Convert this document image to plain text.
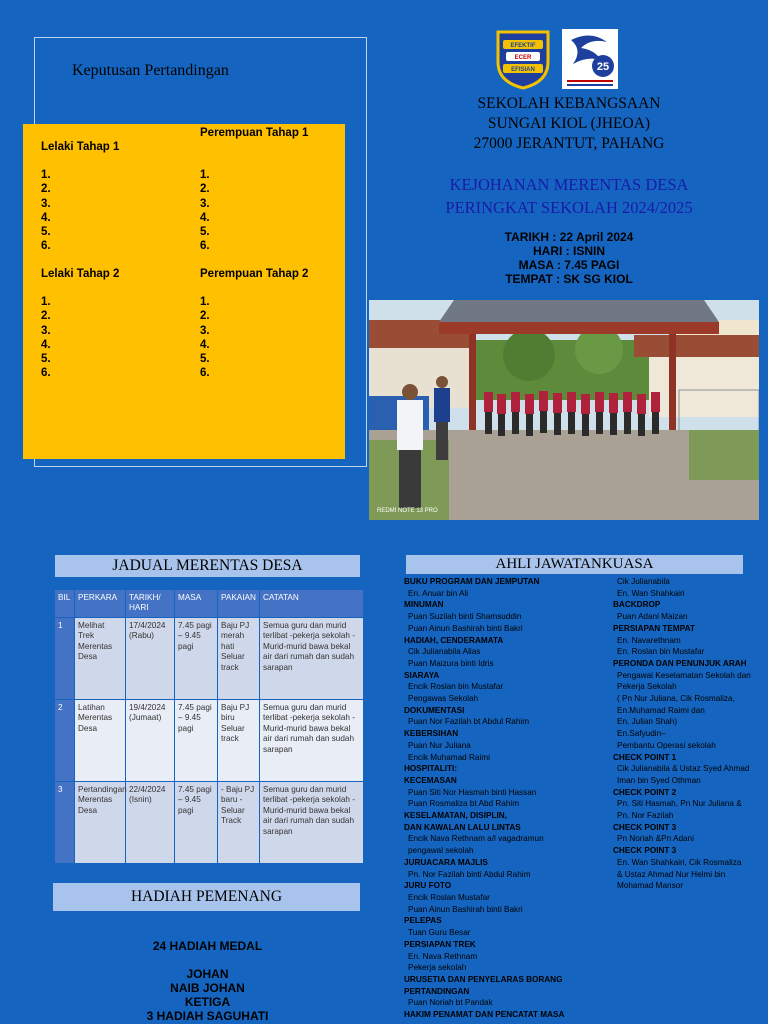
Keputusan Pertandingan
Lelaki Tahap 1
1.
2.
3.
4.
5.
6.
Perempuan Tahap 1
1.
2.
3.
4.
5.
6.
Lelaki Tahap 2
1.
2.
3.
4.
5.
6.
Perempuan Tahap 2
1.
2.
3.
4.
5.
6.
EFEKTIF
ECER
EFISIAN	25
SEKOLAH KEBANGSAAN
SUNGAI KIOL (JHEOA)
27000 JERANTUT, PAHANG
KEJOHANAN MERENTAS DESA
PERINGKAT SEKOLAH 2024/2025
TARIKH : 22 April 2024
HARI : ISNIN
MASA : 7.45 PAGI
TEMPAT : SK SG KIOL
REDMI NOTE 13 PRO
JADUAL MERENTAS DESA
BIL	PERKARA	TARIKH/ HARI	MASA	PAKAIAN	CATATAN
1	Melihat Trek Merentas Desa	17/4/2024 (Rabu)	7.45 pagi – 9.45 pagi	Baju PJ merah hati Seluar track	Semua guru dan murid terlibat -pekerja sekolah -Murid-murid bawa bekal air dari rumah dan sudah sarapan
2	Latihan Merentas Desa	19/4/2024 (Jumaat)	7.45 pagi – 9.45 pagi	Baju PJ biru Seluar track	Semua guru dan murid terlibat -pekerja sekolah -Murid-murid bawa bekal air dari rumah dan sudah sarapan
3	Pertandingan Merentas Desa	22/4/2024 (Isnin)	7.45 pagi – 9.45 pagi	- Baju PJ baru - Seluar Track	Semua guru dan murid terlibat -pekerja sekolah -Murid-murid bawa bekal air dari rumah dan sudah sarapan
HADIAH PEMENANG
24 HADIAH MEDAL
JOHAN
NAIB JOHAN
KETIGA
3 HADIAH SAGUHATI
AHLI JAWATANKUASA
BUKU PROGRAM DAN JEMPUTAN
En. Anuar bin Ali
MINUMAN
Puan Suzilah binti Shamsuddin
Puan Ainun Bashirah binti Bakri
HADIAH, CENDERAMATA
Cik Julianabila Alias
Puan Maizura binti Idris
SIARAYA
Encik Roslan bin Mustafar
Pengawas Sekolah
DOKUMENTASI
Puan Nor Fazilah bt Abdul Rahim
KEBERSIHAN
Puan Nur Juliana
Encik Muhamad Raimi
HOSPITALITI:
KECEMASAN
Puan Siti Nor Hasmah binti Hassan
Puan Rosmaliza bt Abd Rahim
KESELAMATAN, DISIPLIN,
DAN KAWALAN LALU LINTAS
Encik Nava Rethnam a/l vagadramun
pengawal sekolah
JURUACARA MAJLIS
Pn. Nor Fazilah binti Abdul Rahim
JURU FOTO
Encik Roslan Mustafar
Puan Ainun Bashirah binti Bakri
PELEPAS
Tuan Guru Besar
PERSIAPAN TREK
En. Nava Rethnam
Pekerja sekolah
URUSETIA DAN PENYELARAS BORANG
PERTANDINGAN
Puan Noriah bt Pandak
HAKIM PENAMAT DAN PENCATAT MASA
Cik Julianabila
En. Wan Shahkairi
BACKDROP
Puan Adani Maizan
PERSIAPAN TEMPAT
En. Navarethnam
En. Roslan bin Mustafar
PERONDA DAN PENUNJUK ARAH
Pengawai Keselamatan Sekolah dan
Pekerja Sekolah
( Pn Nur Juliana, Cik Rosmaliza,
En.Muhamad Raimi dan
En. Julian Shah)
En.Safyudin–
Pembantu Operasi sekolah
CHECK POINT 1
Cik Julianabila & Ustaz Syed Ahmad
Iman bin Syed Othman
CHECK POINT 2
Pn. Siti Hasmah, Pn Nur Juliana &
Pn. Nor Fazilah
CHECK POINT 3
Pn Noriah &Pn Adani
CHECK POINT 3
En. Wan Shahkairi, Cik Rosmaliza
& Ustaz Ahmad Nur Helmi bin
Mohamad Mansor
